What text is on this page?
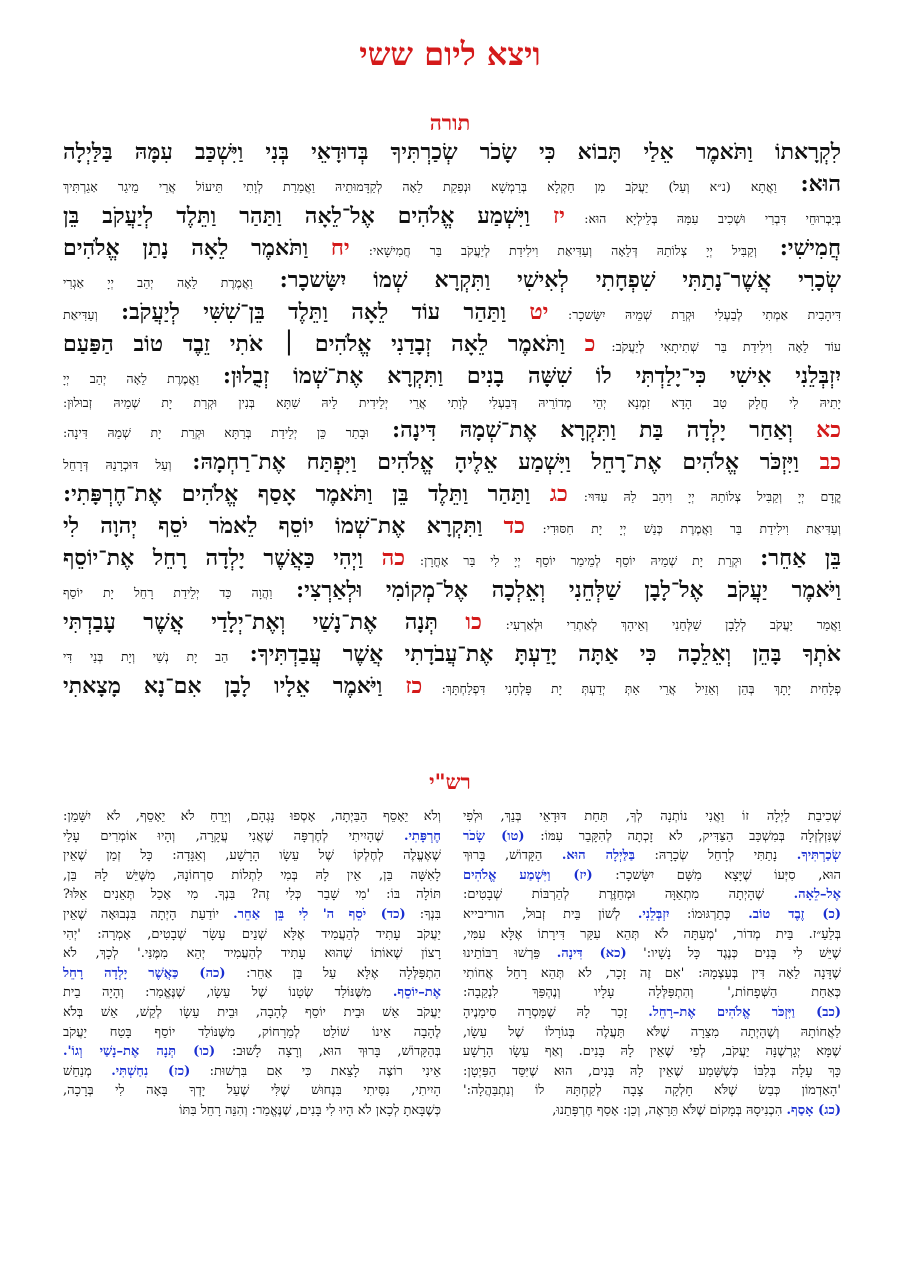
ויצא ליום ששי
תורה
לִקְרָאתוֹ וַתֹּאמֶר אֵלַי תָּבוֹא כִּי שָׂכֹר שְׂכַרְתִּיךָ בְּדוּדָאֵי בְּנִי וַיִּשְׁכַּב עִמָּהּ בַּלַּיְלָה
הוּא: וַאֲתָא (נ״א וְעַל) יַעֲקֹב מִן חַקְלָא בְּרַמְשָׁא וּנְפַקַת לֵאָה לְקַדָּמוּתֵיהּ וַאֲמַרַת לְוָתִי תֵּיעוֹל אֲרֵי מֵיגַר אַגַרְתִּיךְ
בְּיַבְרוּחֵי דִּבְרִי וּשְׁכִיב עִמַּהּ בְּלֵילְיָא הוּא: יז וַיִּשְׁמַע אֱלֹהִים אֶל־לֵאָה וַתַּהַר וַתֵּלֶד לְיַעֲקֹב בֵּן
חֲמִישִׁי: וְקַבִּיל יְיָ צְלוֹתַהּ דְּלֵאָה וְעַדִּיאַת וִילִידַת לְיַעֲקֹב בַּר חֲמִישָׁאי: יח וַתֹּאמֶר לֵאָה נָתַן אֱלֹהִים
שְׂכָרִי אֲשֶׁר־נָתַתִּי שִׁפְחָתִי לְאִישִׁי וַתִּקְרָא שְׁמוֹ יִשָּׂשכָר: וַאֲמֶרֶת לֵאָה יְהַב יְיָ אַגְרִי
דִּיהָבִית אַמְתִי לְבַעְלִי וּקְרַת שְׁמֵיהּ יִשָּׂשכָר: יט וַתַּהַר עוֹד לֵאָה וַתֵּלֶד בֵּן־שִׁשִּׁי לְיַעֲקֹב: וְעַדִּיאַת
עוֹד לֵאָה וִילִידַת בַּר שְׁתִיתָאִי לְיַעֲקֹב: כ וַתֹּאמֶר לֵאָה זְבָדַנִי אֱלֹהִים ׀ אֹתִי זֵבֶד טוֹב הַפַּעַם
יִזְבְּלֵנִי אִישִׁי כִּי־יָלַדְתִּי לוֹ שִׁשָּׁה בָנִים וַתִּקְרָא אֶת־שְׁמוֹ זְבֻלוּן: וַאֲמֶרֶת לֵאָה יְהַב יְיָ
יָתִיהּ לִי חֲלָק טַב הָדָא זִמְנָא יְהֵי מְדוֹרֵיהּ דְּבַעְלִי לְוָתִי אֲרֵי יְלֵידִית לֵיהּ שִׁתָּא בְּנִין וּקְרַת יָת שְׁמֵיהּ זְבוּלוּן:
כא וְאַחַר יָלְדָה בַּת וַתִּקְרָא אֶת־שְׁמָהּ דִּינָה: וּבָתַר כֵּן יְלֵידַת בְּרַתָּא וּקְרַת יָת שְׁמַהּ דִּינָה:
כב וַיִּזְכֹּר אֱלֹהִים אֶת־רָחֵל וַיִּשְׁמַע אֵלֶיהָ אֱלֹהִים וַיִּפְתַּח אֶת־רַחְמָהּ: וְעַל דּוּכְרָנַהּ דְּרָחֵל
קֳדָם יְיָ וְקַבִּיל צְלוֹתַהּ יְיָ וִיהַב לַהּ עִדּוּי: כג וַתַּהַר וַתֵּלֶד בֵּן וַתֹּאמֶר אָסַף אֱלֹהִים אֶת־חֶרְפָּתִי:
וְעַדִּיאַת וִילִידַת בַּר וַאֲמֶרֶת כְּנַשׁ יְיָ יָת חִסּוּדִי: כד וַתִּקְרָא אֶת־שְׁמוֹ יוֹסֵף לֵאמֹר יֹסֵף יְהוָה לִי
בֵּן אַחֵר: וּקְרַת יָת שְׁמֵיהּ יוֹסֵף לְמֵימַר יוֹסֵף יְיָ לִי בַּר אָחֳרָן: כה וַיְהִי כַּאֲשֶׁר יָלְדָה רָחֵל אֶת־יוֹסֵף
וַיֹּאמֶר יַעֲקֹב אֶל־לָבָן שַׁלְּחֵנִי וְאֵלְכָה אֶל־מְקוֹמִי וּלְאַרְצִי: וַהֲוָה כַּד יְלֵידַת רָחֵל יָת יוֹסֵף
וַאֲמַר יַעֲקֹב לְלָבָן שַׁלְּחֵנִי וְאֵיהָךְ לְאַתְרִי וּלְאַרְעִי: כו תְּנָה אֶת־נָשַׁי וְאֶת־יְלָדַי אֲשֶׁר עָבַדְתִּי
אֹתְךָ בָּהֵן וְאֵלֵכָה כִּי אַתָּה יָדַעְתָּ אֶת־עֲבֹדָתִי אֲשֶׁר עֲבַדְתִּיךָ: הַב יָת נְשַׁי וְיָת בְּנַי דִּי
פְלָחִית יָתָךְ בְּהֵן וְאֵזֵיל אֲרֵי אַתְּ יְדַעְתְּ יָת פָּלְחָנִי דִּפְלַחְתָּךְ: כז וַיֹּאמֶר אֵלָיו לָבָן אִם־נָא מָצָאתִי
רש"י
שְׁכִיבַת לַיְלָה זוֹ וַאֲנִי נוֹתְנָה לְךָ, תַּחַת דּוּדָאֵי בְּנֵךְ, וּלְפִי
שֶׁנִּזְלְזְלָה בְּמִשְׁכַּב הַצַּדִּיק, לֹא זָכְתָה לְהִקָּבֵר עִמּוֹ: (טו) שָׂכֹר
שְׂכַרְתִּיךָ. נָתַתִּי לְרָחֵל שְׂכָרָהּ: בַּלַּיְלָה הוּא. הַקָּדוֹשׁ, בָּרוּךְ
הוּא, סִיְּעוֹ שֶׁיָּצָא מִשָּׁם יִשָּׂשכָר: (יז) וַיִּשְׁמַע אֱלֹהִים
אֶל–לֵאָה. שֶׁהָיְתָה מִתְאַוָּה וּמְחַזֶּרֶת לְהַרְבּוֹת שְׁבָטִים:
(כ) זֶבֶד טוֹב. כְּתַרְגּוּמוֹ: יִזְבְּלֵנִי. לְשׁוֹן בֵּית זְבוּל, הוריבייא
בְּלַעַ״ז. בֵּית מְדוֹר, 'מְעַתָּה לֹא תְּהֵא עִקַּר דִּירָתוֹ אֶלָּא עִמִּי,
שֶׁיֵּשׁ לִי בָּנִים כְּנֶגֶד כָּל נָשָׁיו:' (כא) דִּינָה. פֵּרְשׁוּ רַבּוֹתֵינוּ
שֶׁדָּנָה לֵאָה דִּין בְּעַצְמָהּ: 'אִם זֶה זָכָר, לֹא תְּהֵא רָחֵל אֲחוֹתִי
כְּאַחַת הַשְּׁפָחוֹת,' וְהִתְפַּלְּלָה עָלָיו וְנֶהְפַּךְ לִנְקֵבָה:
(כב) וַיִּזְכֹּר אֱלֹהִים אֶת–רָחֵל. זָכַר לָהּ שֶׁמָּסְרָה סִימָנֶיהָ
לַאֲחוֹתָהּ וְשֶׁהָיְתָה מִצֵרָה שֶׁלֹּא תַּעֲלֶה בְּגוֹרָלוֹ שֶׁל עֵשָׂו,
שֶׁמָּא יְגָרְשֶׁנָּה יַעֲקֹב, לְפִי שֶׁאֵין לָהּ בָּנִים. וְאַף עֵשָׂו הָרָשָׁע
כָּךְ עָלָה בְּלִבּוֹ כְּשֶׁשָּׁמַע שֶׁאֵין לָהּ בָּנִים, הוּא שֶׁיִּסֵּד הַפַּיְטָן:
'הָאַדְמוֹן כְּבַשׂ שֶׁלֹּא חָלְקָה צָבָה לְקַחְתָּהּ לוֹ וְנִתְבַּהֲלָה:'
(כג) אָסַף. הִכְנִיסָהּ בְּמָקוֹם שֶׁלֹּא תֵּרָאֶה, וְכֵן: אָסַף חֶרְפָּתֵנוּ,
וְלֹא יֵאָסֵף הַבַּיְתָה, אָסְפוּ נָגְהָם, וְיָרֵחַ לֹא יֵאָסֵף, לֹא יִשָּׁמֵן:
חֶרְפָּתִי. שֶׁהָיִיתִי לְחֶרְפָּה שֶׁאֲנִי עֲקָרָה, וְהָיוּ אוֹמְרִים עָלַי
שֶׁאֶעֱלֶה לְחֶלְקוֹ שֶׁל עֵשָׂו הָרָשָׁע, וְאַגָּדָה: כָּל זְמַן שֶׁאֵין
לָאִשָּׁה בֵּן, אֵין לָהּ בְּמִי לִתְלוֹת סִרְחוֹנָהּ, מִשֶּׁיֵּשׁ לָהּ בֵּן,
תּוֹלָה בּוֹ: 'מִי שָׁבַר כְּלִי זֶה? בִּנְךָ. מִי אָכַל תְּאֵנִים אֵלּוּ?
בִּנְךָ: (כד) יֹסֵף ה' לִי בֵּן אַחֵר. יוֹדַעַת הָיְתָה בִּנְבוּאָה שֶׁאֵין
יַעֲקֹב עָתִיד לְהַעֲמִיד אֶלָּא שְׁנֵים עָשָׂר שְׁבָטִים, אָמְרָה: 'יְהִי
רָצוֹן שֶׁאוֹתוֹ שֶׁהוּא עָתִיד לְהַעֲמִיד יְהֵא מִמֶּנִּי.' לְכָךְ, לֹא
הִתְפַּלְּלָה אֶלָּא עַל בֵּן אַחֵר: (כה) כַּאֲשֶׁר יָלְדָה רָחֵל
אֶת–יוֹסֵף. מִשֶּׁנּוֹלַד שְׂטָנוֹ שֶׁל עֵשָׂו, שֶׁנֶּאֱמַר: וְהָיָה בֵית
יַעֲקֹב אֵשׁ וּבֵית יוֹסֵף לֶהָבָה, וּבֵית עֵשָׂו לְקַשׁ, אֵשׁ בְּלֹא
לֶהָבָה אֵינוֹ שׁוֹלֵט לְמֵרָחוֹק, מִשֶּׁנּוֹלַד יוֹסֵף בָּטַח יַעֲקֹב
בְּהַקָּדוֹשׁ, בָּרוּךְ הוּא, וְרָצָה לָשׁוּב: (כו) תְּנָה אֶת–נָשַׁי וְגוֹ'.
אֵינִי רוֹצֶה לָצֵאת כִּי אִם בִּרְשׁוּת: (כז) נִחַשְׁתִּי. מְנַחֵשׁ
הָיִיתִי, נִסִּיתִי בִּנְחוּשׁ שֶׁלִּי שֶׁעַל יָדְךָ בָּאָה לִי בְּרָכָה,
כְּשֶׁבָּאתָ לְכָאן לֹא הָיוּ לִי בָּנִים, שֶׁנֶּאֱמַר: וְהִנֵּה רָחֵל בִּתּוֹ
